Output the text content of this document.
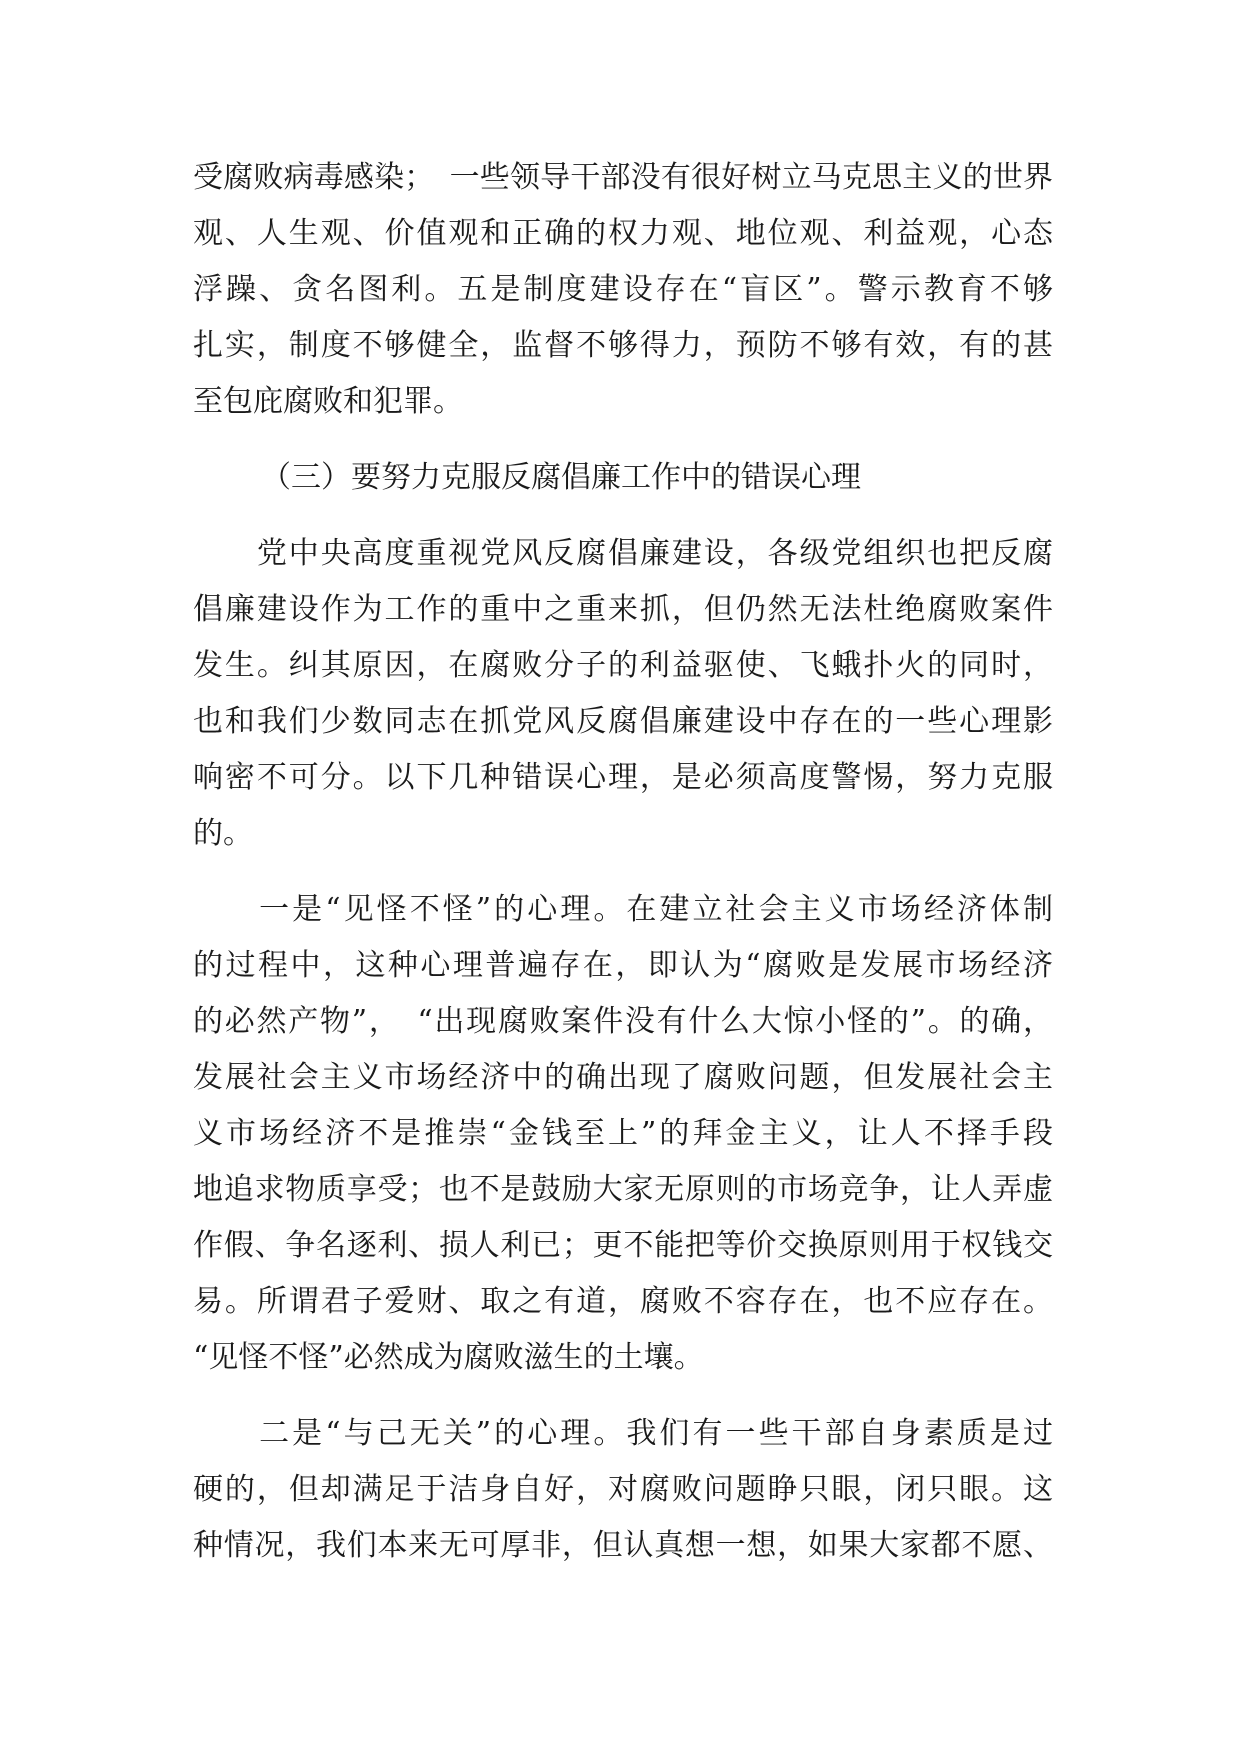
受腐败病毒感染；　一些领导干部没有很好树立马克思主义的世界
观、人生观、价值观和正确的权力观、地位观、利益观，心态
浮躁、贪名图利。五是制度建设存在“盲区”。警示教育不够
扎实，制度不够健全，监督不够得力，预防不够有效，有的甚
至包庇腐败和犯罪。
（三）要努力克服反腐倡廉工作中的错误心理
　　党中央高度重视党风反腐倡廉建设，各级党组织也把反腐
倡廉建设作为工作的重中之重来抓，但仍然无法杜绝腐败案件
发生。纠其原因，在腐败分子的利益驱使、飞蛾扑火的同时，
也和我们少数同志在抓党风反腐倡廉建设中存在的一些心理影
响密不可分。以下几种错误心理，是必须高度警惕，努力克服
的。
　　一是“见怪不怪”的心理。在建立社会主义市场经济体制
的过程中，这种心理普遍存在，即认为“腐败是发展市场经济
的必然产物”，　“出现腐败案件没有什么大惊小怪的”。的确，
发展社会主义市场经济中的确出现了腐败问题，但发展社会主
义市场经济不是推崇“金钱至上”的拜金主义，让人不择手段
地追求物质享受；也不是鼓励大家无原则的市场竞争，让人弄虚
作假、争名逐利、损人利已；更不能把等价交换原则用于权钱交
易。所谓君子爱财、取之有道，腐败不容存在，也不应存在。
“见怪不怪”必然成为腐败滋生的土壤。
　　二是“与己无关”的心理。我们有一些干部自身素质是过
硬的，但却满足于洁身自好，对腐败问题睁只眼，闭只眼。这
种情况，我们本来无可厚非，但认真想一想，如果大家都不愿、
